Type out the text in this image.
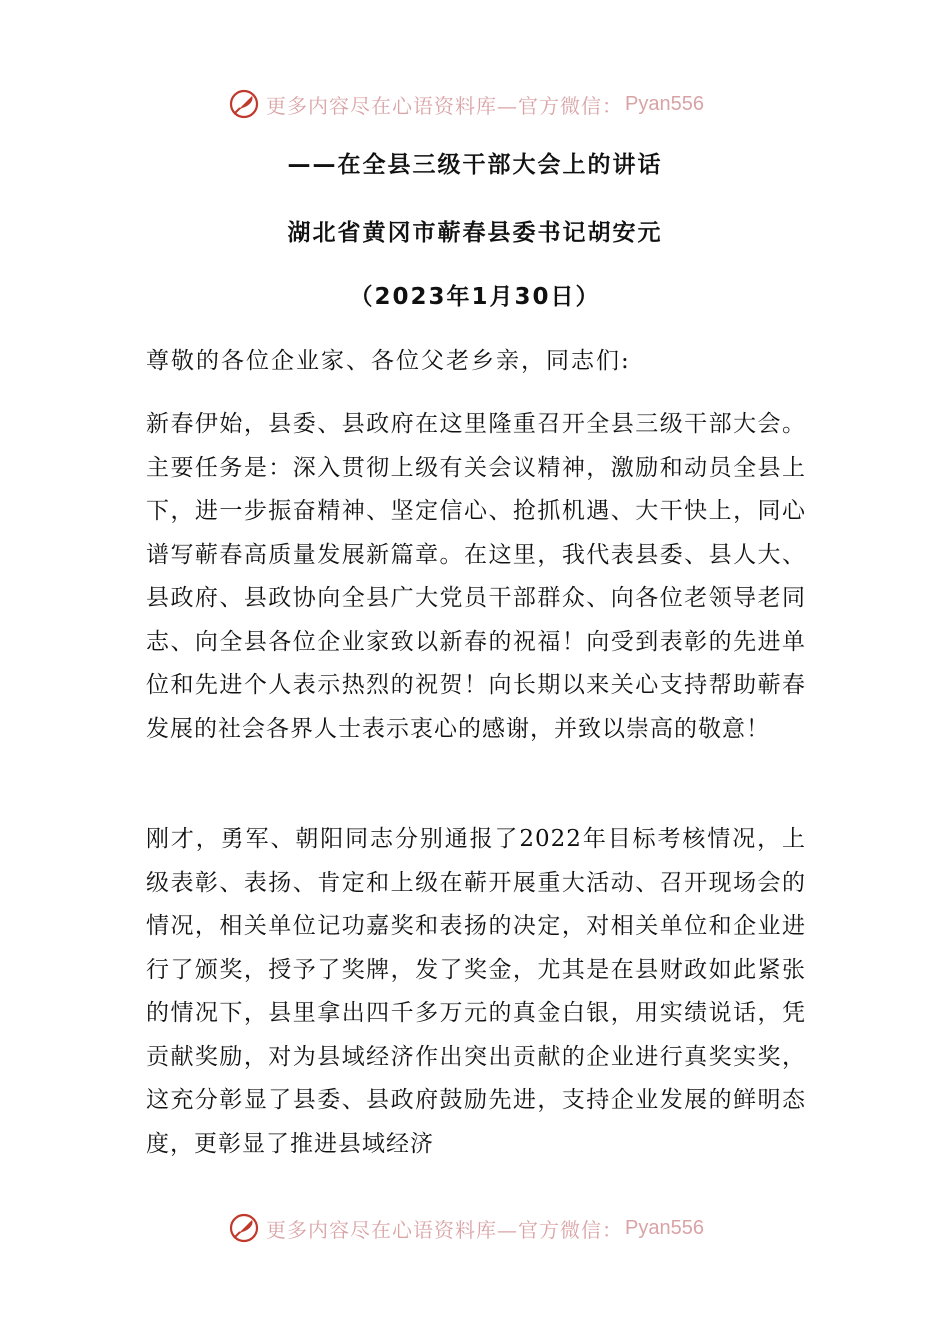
更多内容尽在心语资料库—官方微信： Pyan556
——在全县三级干部大会上的讲话
湖北省黄冈市蕲春县委书记胡安元
（2023年1月30日）
尊敬的各位企业家、各位父老乡亲，同志们:

新春伊始，县委、县政府在这里隆重召开全县三级干部大会。主要任务是：深入贯彻上级有关会议精神，激励和动员全县上下，进一步振奋精神、坚定信心、抢抓机遇、大干快上，同心谱写蕲春高质量发展新篇章。在这里，我代表县委、县人大、县政府、县政协向全县广大党员干部群众、向各位老领导老同志、向全县各位企业家致以新春的祝福！向受到表彰的先进单位和先进个人表示热烈的祝贺！向长期以来关心支持帮助蕲春发展的社会各界人士表示衷心的感谢，并致以崇高的敬意！

刚才，勇军、朝阳同志分别通报了2022年目标考核情况，上级表彰、表扬、肯定和上级在蕲开展重大活动、召开现场会的情况，相关单位记功嘉奖和表扬的决定，对相关单位和企业进行了颁奖，授予了奖牌，发了奖金，尤其是在县财政如此紧张的情况下，县里拿出四千多万元的真金白银，用实绩说话，凭贡献奖励，对为县域经济作出突出贡献的企业进行真奖实奖，这充分彰显了县委、县政府鼓励先进，支持企业发展的鲜明态度，更彰显了推进县域经济

更多内容尽在心语资料库—官方微信： Pyan556
